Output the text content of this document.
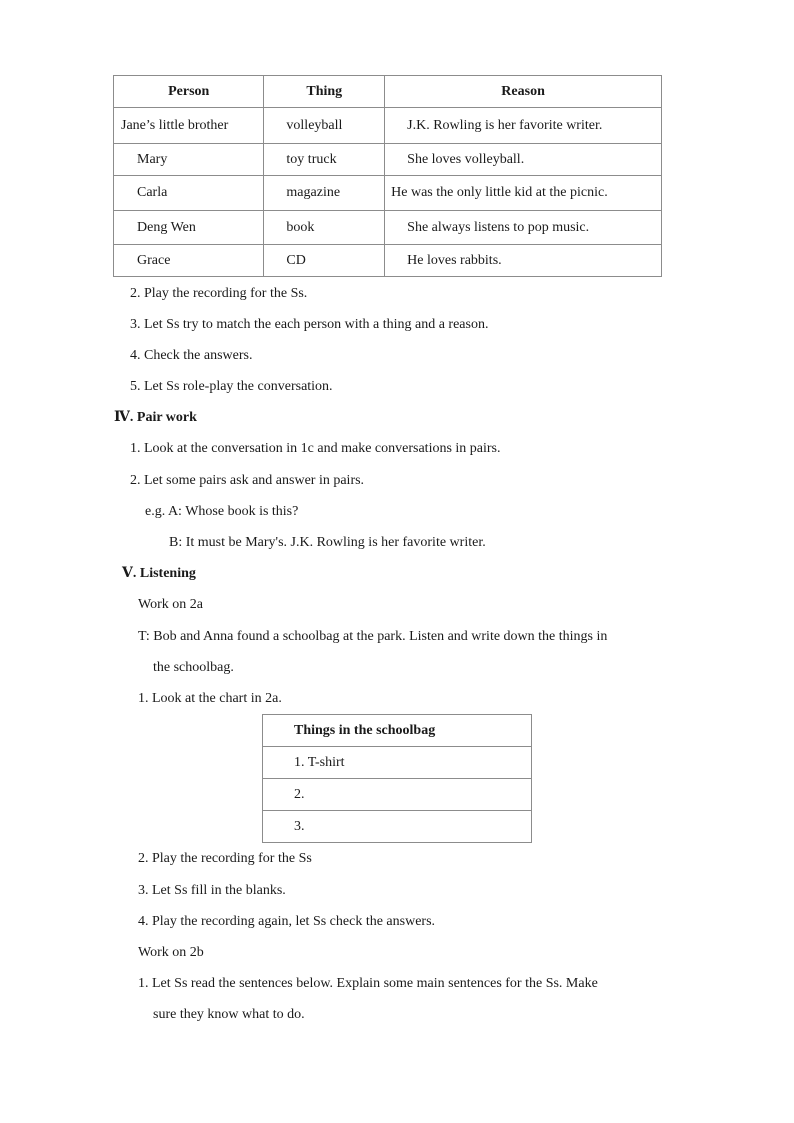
Person	Thing	Reason
Jane’s little brother	volleyball	J.K. Rowling is her favorite writer.
Mary	toy truck	She loves volleyball.
Carla	magazine	He was the only little kid at the picnic.
Deng Wen	book	She always listens to pop music.
Grace	CD	He loves rabbits.
2. Play the recording for the Ss.
3. Let Ss try to match the each person with a thing and a reason.
4. Check the answers.
5. Let Ss role-play the conversation.
Ⅳ. Pair work
1. Look at the conversation in 1c and make conversations in pairs.
2. Let some pairs ask and answer in pairs.
e.g. A: Whose book is this?
B: It must be Mary's. J.K. Rowling is her favorite writer.
Ⅴ. Listening
Work on 2a
T: Bob and Anna found a schoolbag at the park. Listen and write down the things in
the schoolbag.
1. Look at the chart in 2a.
Things in the schoolbag
1. T-shirt
2.
3.
2. Play the recording for the Ss
3. Let Ss fill in the blanks.
4. Play the recording again, let Ss check the answers.
Work on 2b
1. Let Ss read the sentences below. Explain some main sentences for the Ss. Make
sure they know what to do.
